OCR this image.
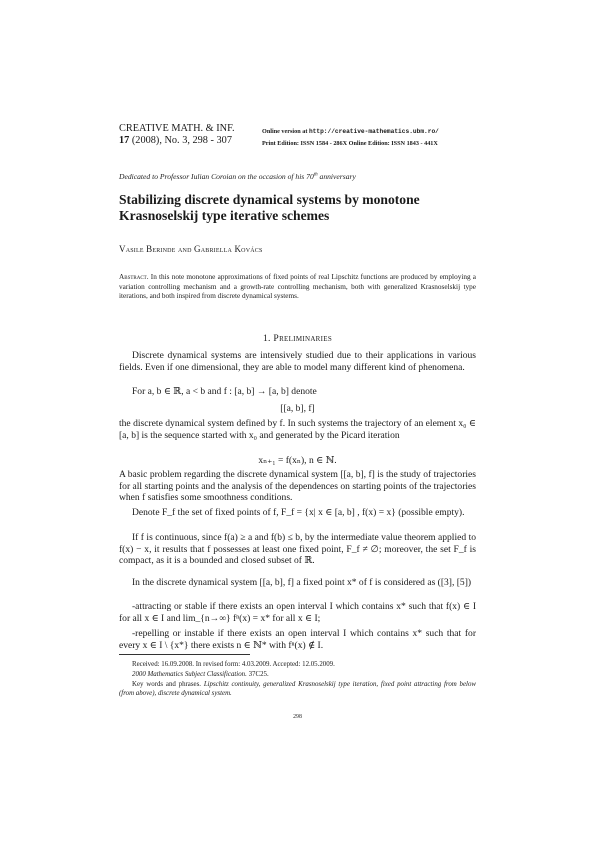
CREATIVE MATH. & INF.
17 (2008), No. 3, 298 - 307
Online version at http://creative-mathematics.ubm.ro/
Print Edition: ISSN 1584 - 286X Online Edition: ISSN 1843 - 441X
Dedicated to Professor Iulian Coroian on the occasion of his 70th anniversary
Stabilizing discrete dynamical systems by monotone Krasnoselskij type iterative schemes
Vasile Berinde and Gabriella Kovács
Abstract. In this note monotone approximations of fixed points of real Lipschitz functions are produced by employing a variation controlling mechanism and a growth-rate controlling mechanism, both with generalized Krasnoselskij type iterations, and both inspired from discrete dynamical systems.
1. Preliminaries
Discrete dynamical systems are intensively studied due to their applications in various fields. Even if one dimensional, they are able to model many different kind of phenomena.
For a, b ∈ ℝ, a < b and f : [a, b] → [a, b] denote
[[a, b], f]
the discrete dynamical system defined by f. In such systems the trajectory of an element x₀ ∈ [a, b] is the sequence started with x₀ and generated by the Picard iteration
xₙ₊₁ = f(xₙ), n ∈ ℕ.
A basic problem regarding the discrete dynamical system [[a, b], f] is the study of trajectories for all starting points and the analysis of the dependences on starting points of the trajectories when f satisfies some smoothness conditions.
Denote F_f the set of fixed points of f, F_f = {x| x ∈ [a, b] , f(x) = x} (possible empty).
If f is continuous, since f(a) ≥ a and f(b) ≤ b, by the intermediate value theorem applied to f(x) − x, it results that f possesses at least one fixed point, F_f ≠ ∅; moreover, the set F_f is compact, as it is a bounded and closed subset of ℝ.
In the discrete dynamical system [[a, b], f] a fixed point x* of f is considered as ([3], [5])
-attracting or stable if there exists an open interval I which contains x* such that f(x) ∈ I for all x ∈ I and lim_{n→∞} fⁿ(x) = x* for all x ∈ I;
-repelling or instable if there exists an open interval I which contains x* such that for every x ∈ I \ {x*} there exists n ∈ ℕ* with fⁿ(x) ∉ I.
Received: 16.09.2008. In revised form: 4.03.2009. Accepted: 12.05.2009.
2000 Mathematics Subject Classification. 37C25.
Key words and phrases. Lipschitz continuity, generalized Krasnoselskij type iteration, fixed point attracting from below (from above), discrete dynamical system.
298
